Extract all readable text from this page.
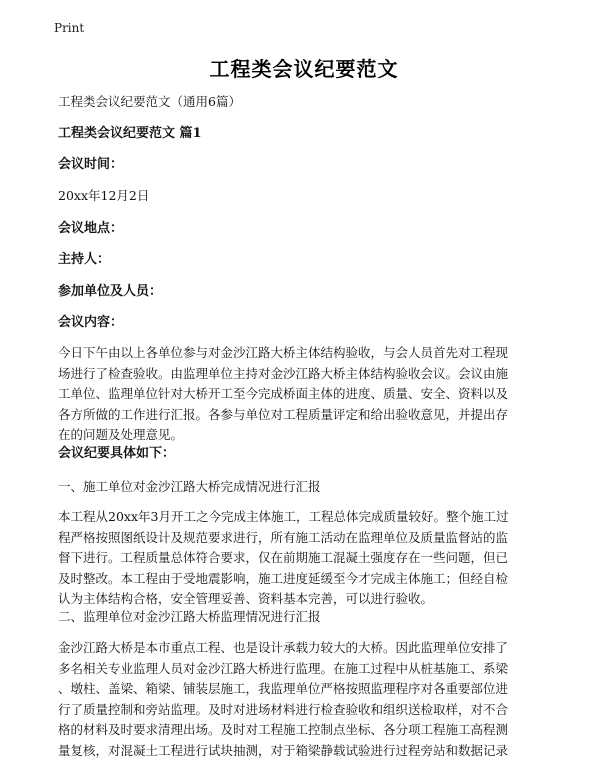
Print
工程类会议纪要范文

工程类会议纪要范文（通用6篇）

工程类会议纪要范文 篇1

会议时间：

20xx年12月2日

会议地点：

主持人：

参加单位及人员：

会议内容：

今日下午由以上各单位参与对金沙江路大桥主体结构验收，与会人员首先对工程现
场进行了检查验收。由监理单位主持对金沙江路大桥主体结构验收会议。会议由施
工单位、监理单位针对大桥开工至今完成桥面主体的进度、质量、安全、资料以及
各方所做的工作进行汇报。各参与单位对工程质量评定和给出验收意见，并提出存
在的问题及处理意见。

会议纪要具体如下：

一、施工单位对金沙江路大桥完成情况进行汇报

本工程从20xx年3月开工之今完成主体施工，工程总体完成质量较好。整个施工过
程严格按照图纸设计及规范要求进行，所有施工活动在监理单位及质量监督站的监
督下进行。工程质量总体符合要求，仅在前期施工混凝土强度存在一些问题，但已
及时整改。本工程由于受地震影响，施工进度延缓至今才完成主体施工；但经自检
认为主体结构合格，安全管理妥善、资料基本完善，可以进行验收。

二、监理单位对金沙江路大桥监理情况进行汇报

金沙江路大桥是本市重点工程、也是设计承载力较大的大桥。因此监理单位安排了
多名相关专业监理人员对金沙江路大桥进行监理。在施工过程中从桩基施工、系梁
、墩柱、盖梁、箱梁、铺装层施工，我监理单位严格按照监理程序对各重要部位进
行了质量控制和旁站监理。及时对进场材料进行检查验收和组织送检取样，对不合
格的材料及时要求清理出场。及时对工程施工控制点坐标、各分项工程施工高程测
量复核，对混凝土工程进行试块抽测，对于箱梁静载试验进行过程旁站和数据记录
